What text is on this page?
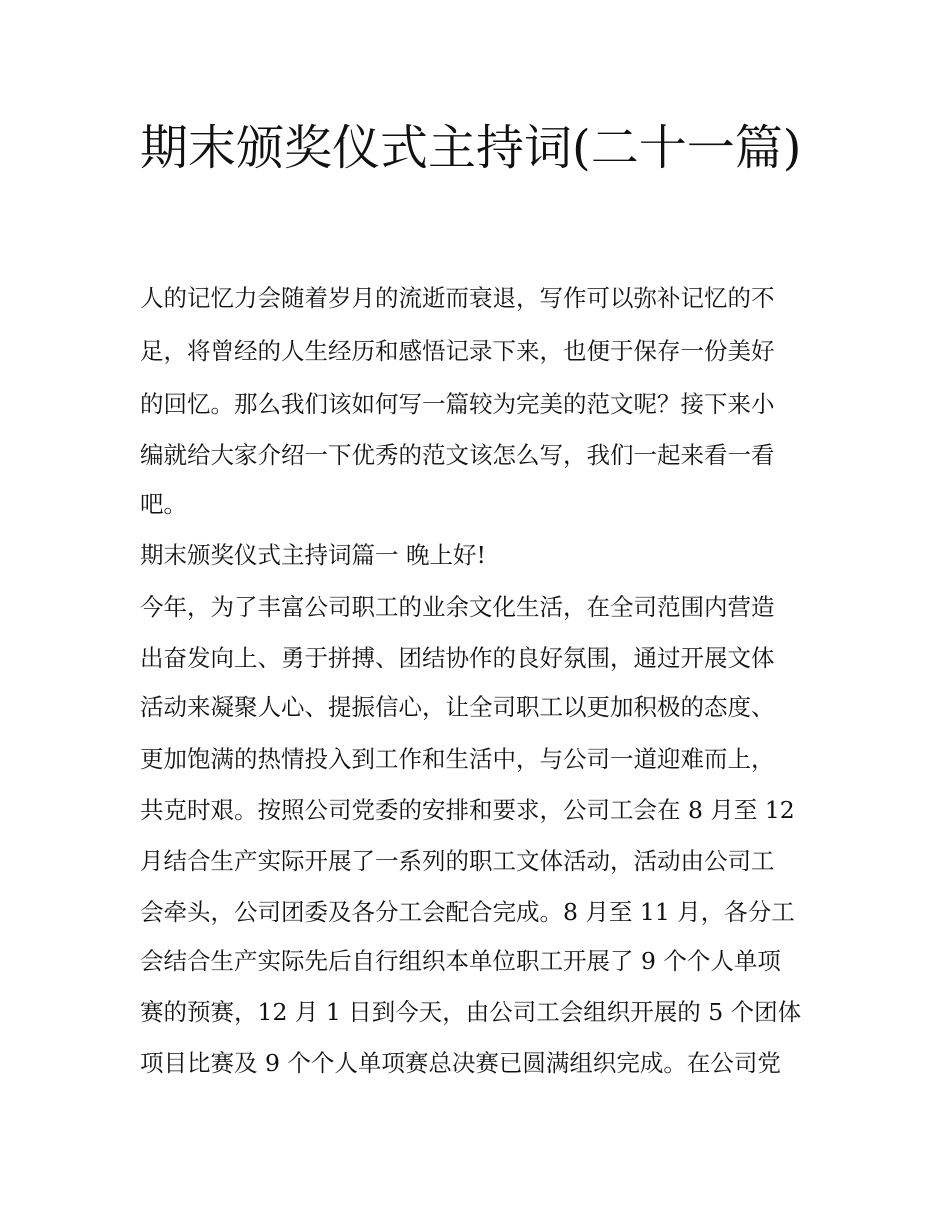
期末颁奖仪式主持词(二十一篇)

人的记忆力会随着岁月的流逝而衰退，写作可以弥补记忆的不

足，将曾经的人生经历和感悟记录下来，也便于保存一份美好

的回忆。那么我们该如何写一篇较为完美的范文呢？接下来小

编就给大家介绍一下优秀的范文该怎么写，我们一起来看一看

吧。

期末颁奖仪式主持词篇一 晚上好!

今年，为了丰富公司职工的业余文化生活，在全司范围内营造

出奋发向上、勇于拼搏、团结协作的良好氛围，通过开展文体

活动来凝聚人心、提振信心，让全司职工以更加积极的态度、

更加饱满的热情投入到工作和生活中，与公司一道迎难而上，

共克时艰。按照公司党委的安排和要求，公司工会在 8 月至 12

月结合生产实际开展了一系列的职工文体活动，活动由公司工

会牵头，公司团委及各分工会配合完成。8 月至 11 月，各分工

会结合生产实际先后自行组织本单位职工开展了 9 个个人单项

赛的预赛，12 月 1 日到今天，由公司工会组织开展的 5 个团体

项目比赛及 9 个个人单项赛总决赛已圆满组织完成。在公司党
